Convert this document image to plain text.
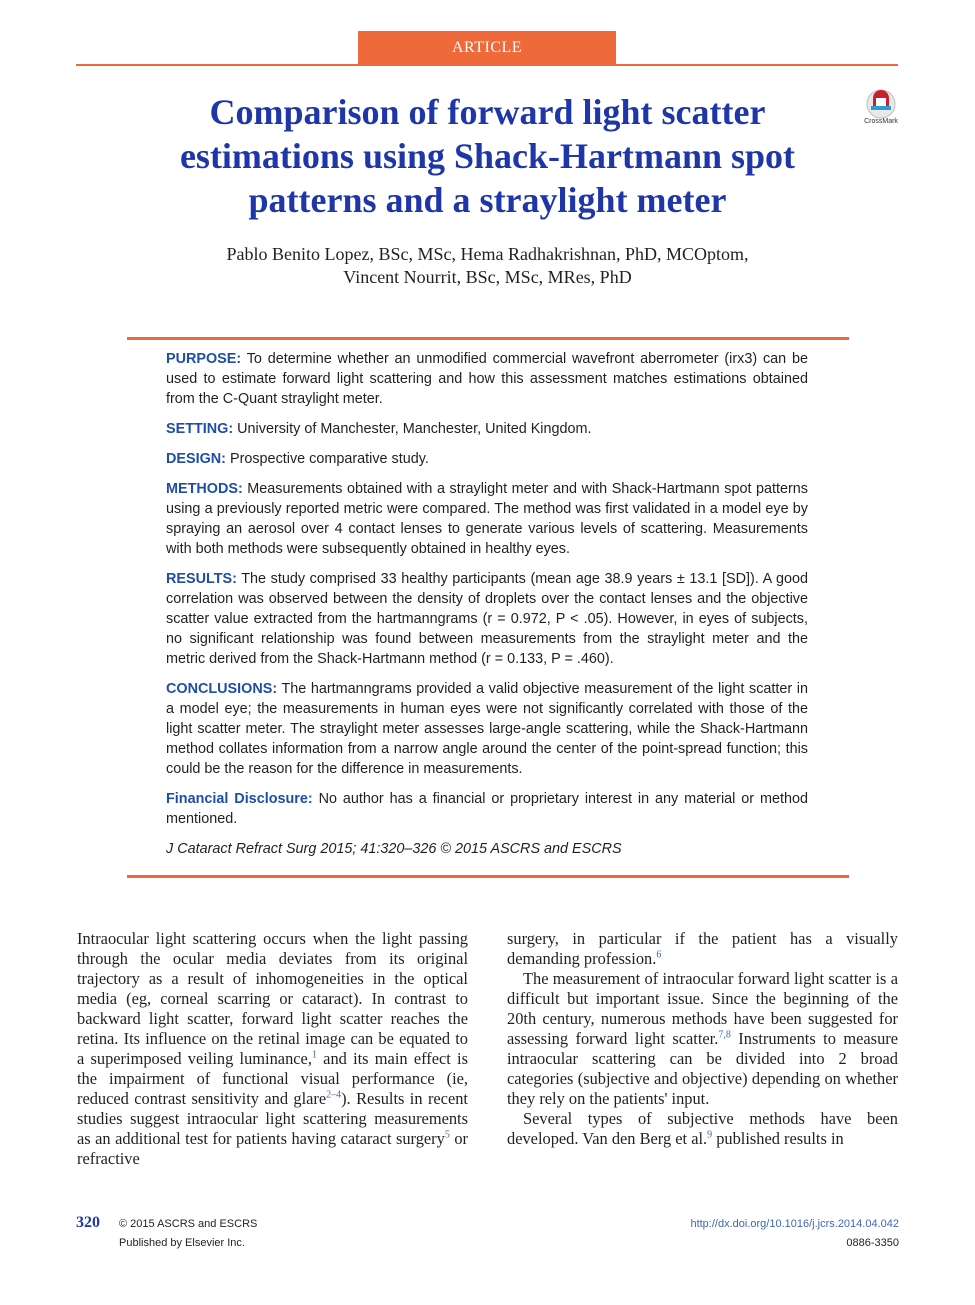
ARTICLE
Comparison of forward light scatter estimations using Shack-Hartmann spot patterns and a straylight meter
CrossMark
Pablo Benito Lopez, BSc, MSc, Hema Radhakrishnan, PhD, MCOptom,
Vincent Nourrit, BSc, MSc, MRes, PhD

PURPOSE: To determine whether an unmodified commercial wavefront aberrometer (irx3) can be used to estimate forward light scattering and how this assessment matches estimations obtained from the C-Quant straylight meter.

SETTING: University of Manchester, Manchester, United Kingdom.

DESIGN: Prospective comparative study.

METHODS: Measurements obtained with a straylight meter and with Shack-Hartmann spot patterns using a previously reported metric were compared. The method was first validated in a model eye by spraying an aerosol over 4 contact lenses to generate various levels of scattering. Measurements with both methods were subsequently obtained in healthy eyes.

RESULTS: The study comprised 33 healthy participants (mean age 38.9 years ± 13.1 [SD]). A good correlation was observed between the density of droplets over the contact lenses and the objective scatter value extracted from the hartmanngrams (r = 0.972, P < .05). However, in eyes of subjects, no significant relationship was found between measurements from the straylight meter and the metric derived from the Shack-Hartmann method (r = 0.133, P = .460).

CONCLUSIONS: The hartmanngrams provided a valid objective measurement of the light scatter in a model eye; the measurements in human eyes were not significantly correlated with those of the light scatter meter. The straylight meter assesses large-angle scattering, while the Shack-Hartmann method collates information from a narrow angle around the center of the point-spread function; this could be the reason for the difference in measurements.

Financial Disclosure: No author has a financial or proprietary interest in any material or method mentioned.

J Cataract Refract Surg 2015; 41:320–326 © 2015 ASCRS and ESCRS

Intraocular light scattering occurs when the light passing through the ocular media deviates from its original trajectory as a result of inhomogeneities in the optical media (eg, corneal scarring or cataract). In contrast to backward light scatter, forward light scatter reaches the retina. Its influence on the retinal image can be equated to a superimposed veiling luminance,$^1$ and its main effect is the impairment of functional visual performance (ie, reduced contrast sensitivity and glare$^{2-4}$). Results in recent studies suggest intraocular light scattering measurements as an additional test for patients having cataract surgery$^5$ or refractive

surgery, in particular if the patient has a visually demanding profession.$^6$

The measurement of intraocular forward light scatter is a difficult but important issue. Since the beginning of the 20th century, numerous methods have been suggested for assessing forward light scatter.$^{7,8}$ Instruments to measure intraocular scattering can be divided into 2 broad categories (subjective and objective) depending on whether they rely on the patients' input.

Several types of subjective methods have been developed. Van den Berg et al.$^9$ published results in

320 © 2015 ASCRS and ESCRS
Published by Elsevier Inc.
http://dx.doi.org/10.1016/j.jcrs.2014.04.042
0886-3350
